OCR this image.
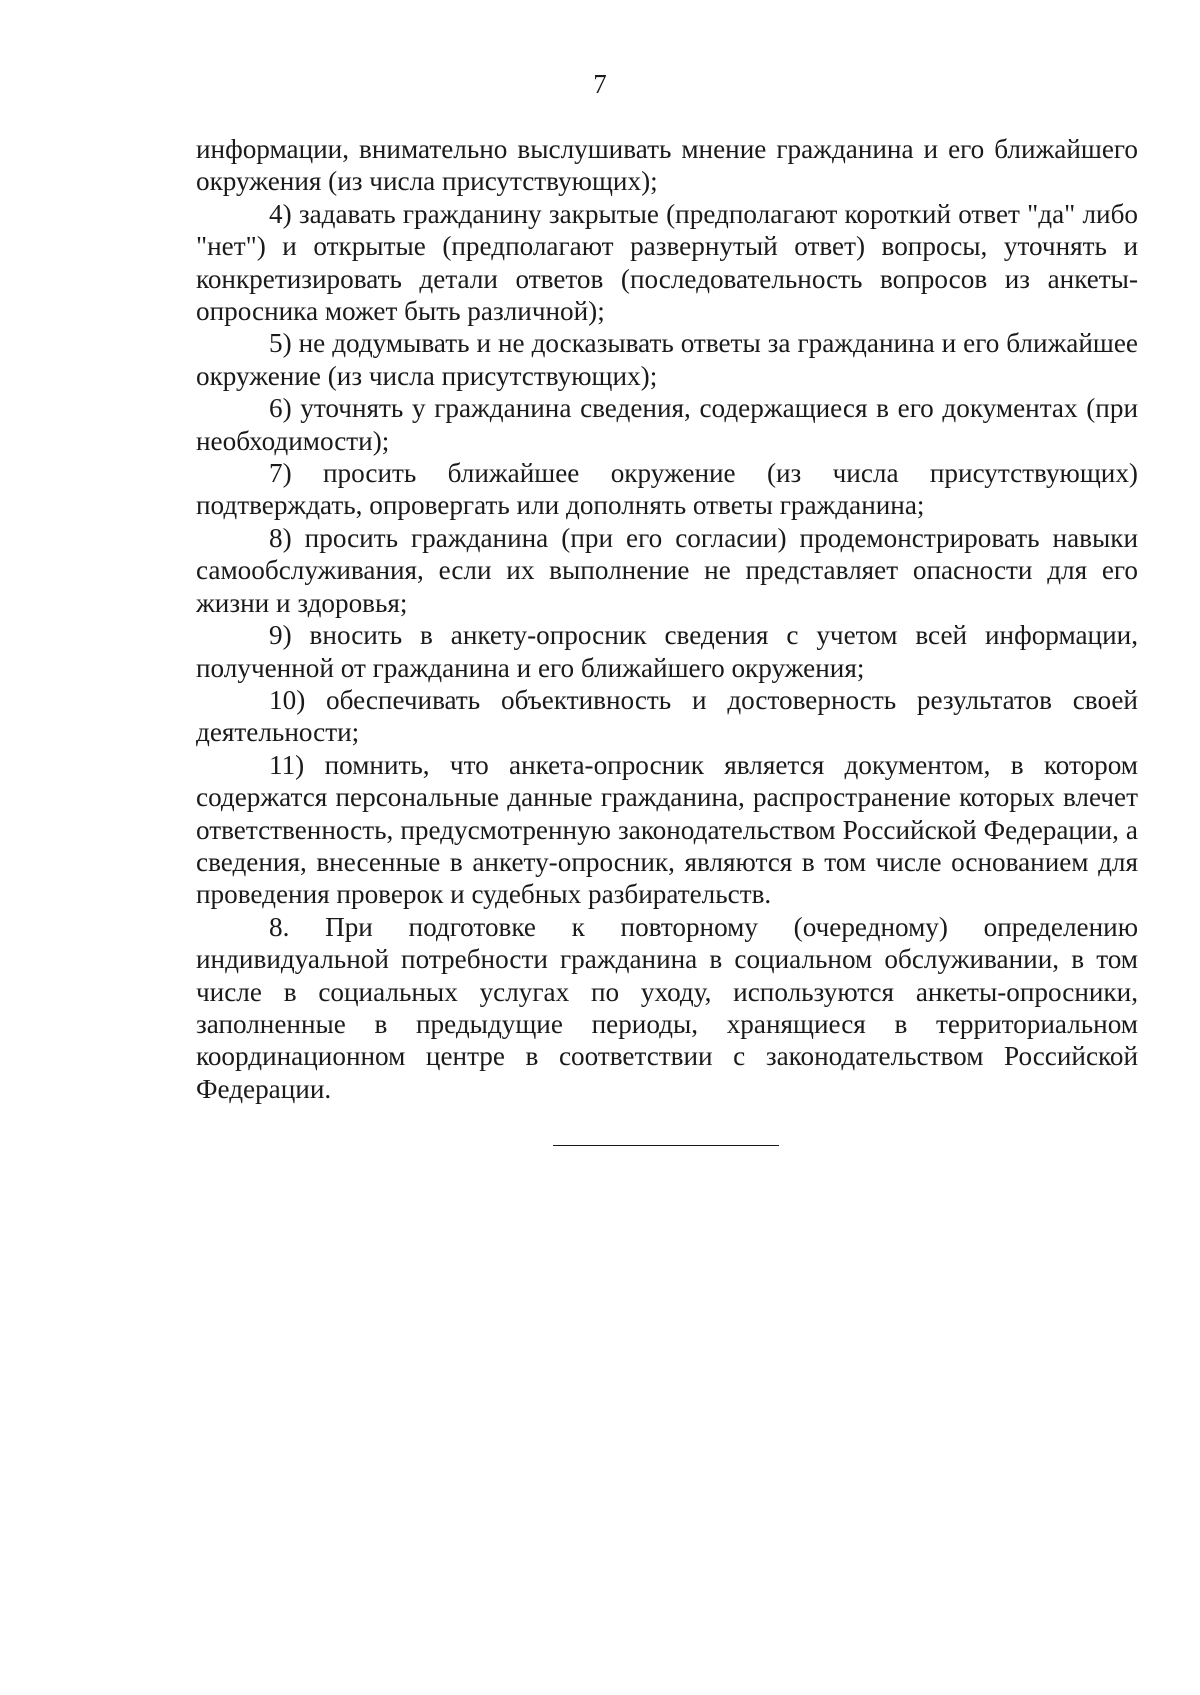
7

информации, внимательно выслушивать мнение гражданина и его ближайшего окружения (из числа присутствующих);

4) задавать гражданину закрытые (предполагают короткий ответ "да" либо "нет") и открытые (предполагают развернутый ответ) вопросы, уточнять и конкретизировать детали ответов (последовательность вопросов из анкеты-опросника может быть различной);

5) не додумывать и не досказывать ответы за гражданина и его ближайшее окружение (из числа присутствующих);

6) уточнять у гражданина сведения, содержащиеся в его документах (при необходимости);

7) просить ближайшее окружение (из числа присутствующих) подтверждать, опровергать или дополнять ответы гражданина;

8) просить гражданина (при его согласии) продемонстрировать навыки самообслуживания, если их выполнение не представляет опасности для его жизни и здоровья;

9) вносить в анкету-опросник сведения с учетом всей информации, полученной от гражданина и его ближайшего окружения;

10) обеспечивать объективность и достоверность результатов своей деятельности;

11) помнить, что анкета-опросник является документом, в котором содержатся персональные данные гражданина, распространение которых влечет ответственность, предусмотренную законодательством Российской Федерации, а сведения, внесенные в анкету-опросник, являются в том числе основанием для проведения проверок и судебных разбирательств.

8. При подготовке к повторному (очередному) определению индивидуальной потребности гражданина в социальном обслуживании, в том числе в социальных услугах по уходу, используются анкеты-опросники, заполненные в предыдущие периоды, хранящиеся в территориальном координационном центре в соответствии с законодательством Российской Федерации.
